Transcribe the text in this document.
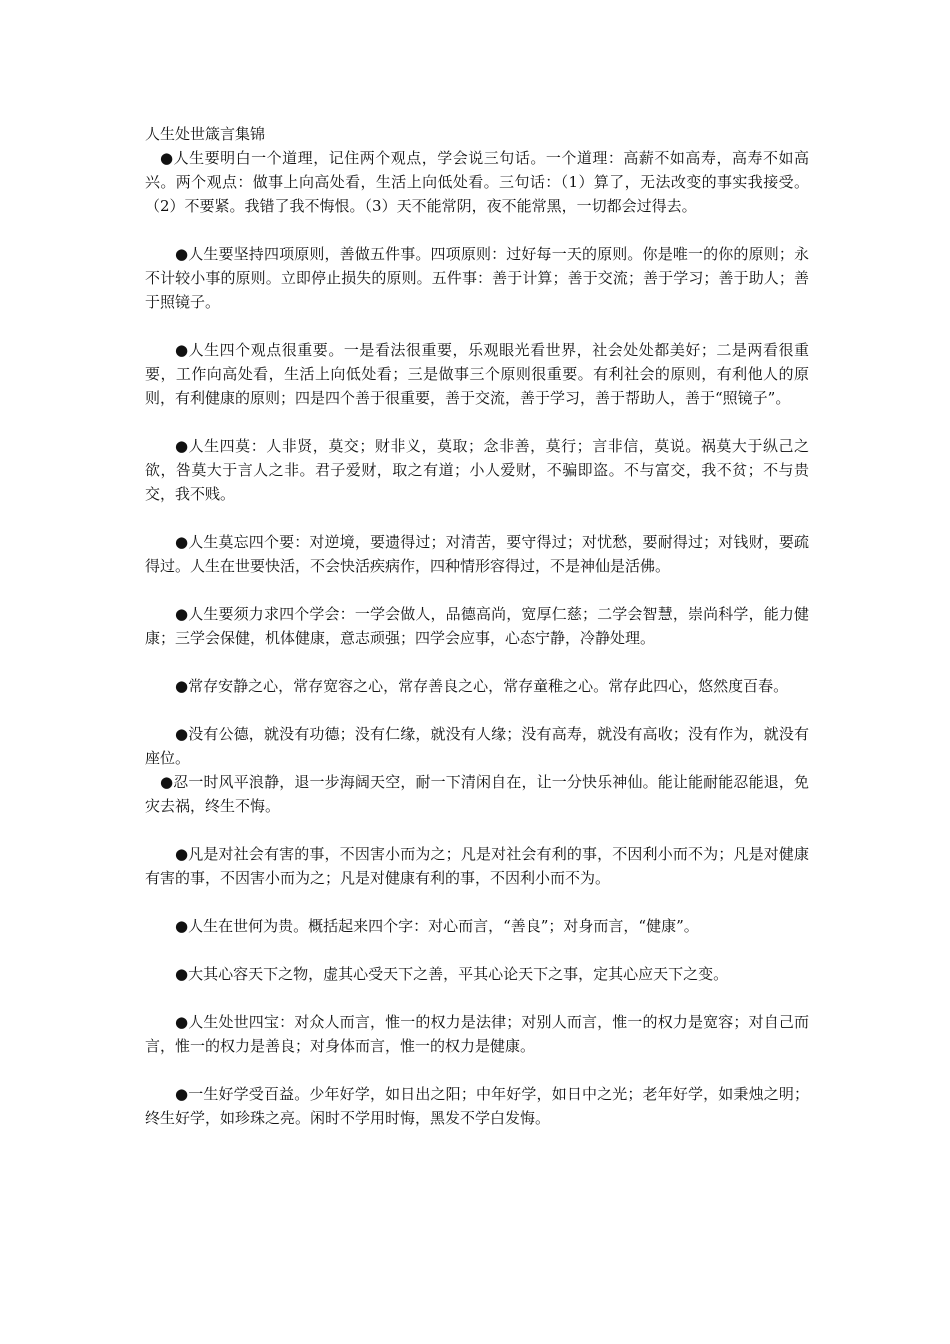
人生处世箴言集锦

●人生要明白一个道理，记住两个观点，学会说三句话。一个道理：高薪不如高寿，高寿不如高兴。两个观点：做事上向高处看，生活上向低处看。三句话：（1）算了，无法改变的事实我接受。（2）不要紧。我错了我不悔恨。（3）天不能常阴，夜不能常黑，一切都会过得去。

●人生要坚持四项原则，善做五件事。四项原则：过好每一天的原则。你是唯一的你的原则；永不计较小事的原则。立即停止损失的原则。五件事：善于计算；善于交流；善于学习；善于助人；善于照镜子。

●人生四个观点很重要。一是看法很重要，乐观眼光看世界，社会处处都美好；二是两看很重要，工作向高处看，生活上向低处看；三是做事三个原则很重要。有利社会的原则，有利他人的原则，有利健康的原则；四是四个善于很重要，善于交流，善于学习，善于帮助人，善于“照镜子”。

●人生四莫：人非贤，莫交；财非义，莫取；念非善，莫行；言非信，莫说。祸莫大于纵己之欲，咎莫大于言人之非。君子爱财，取之有道；小人爱财，不骗即盗。不与富交，我不贫；不与贵交，我不贱。

●人生莫忘四个要：对逆境，要遗得过；对清苦，要守得过；对忧愁，要耐得过；对钱财，要疏得过。人生在世要快活，不会快活疾病作，四种情形容得过，不是神仙是活佛。

●人生要须力求四个学会：一学会做人，品德高尚，宽厚仁慈；二学会智慧，崇尚科学，能力健康；三学会保健，机体健康，意志顽强；四学会应事，心态宁静，冷静处理。

●常存安静之心，常存宽容之心，常存善良之心，常存童稚之心。常存此四心，悠然度百春。

●没有公德，就没有功德；没有仁缘，就没有人缘；没有高寿，就没有高收；没有作为，就没有座位。

●忍一时风平浪静，退一步海阔天空，耐一下清闲自在，让一分快乐神仙。能让能耐能忍能退，免灾去祸，终生不悔。

●凡是对社会有害的事，不因害小而为之；凡是对社会有利的事，不因利小而不为；凡是对健康有害的事，不因害小而为之；凡是对健康有利的事，不因利小而不为。

●人生在世何为贵。概括起来四个字：对心而言，“善良”；对身而言，“健康”。

●大其心容天下之物，虚其心受天下之善，平其心论天下之事，定其心应天下之变。

●人生处世四宝：对众人而言，惟一的权力是法律；对别人而言，惟一的权力是宽容；对自己而言，惟一的权力是善良；对身体而言，惟一的权力是健康。

●一生好学受百益。少年好学，如日出之阳；中年好学，如日中之光；老年好学，如秉烛之明；终生好学，如珍珠之亮。闲时不学用时悔，黑发不学白发悔。
